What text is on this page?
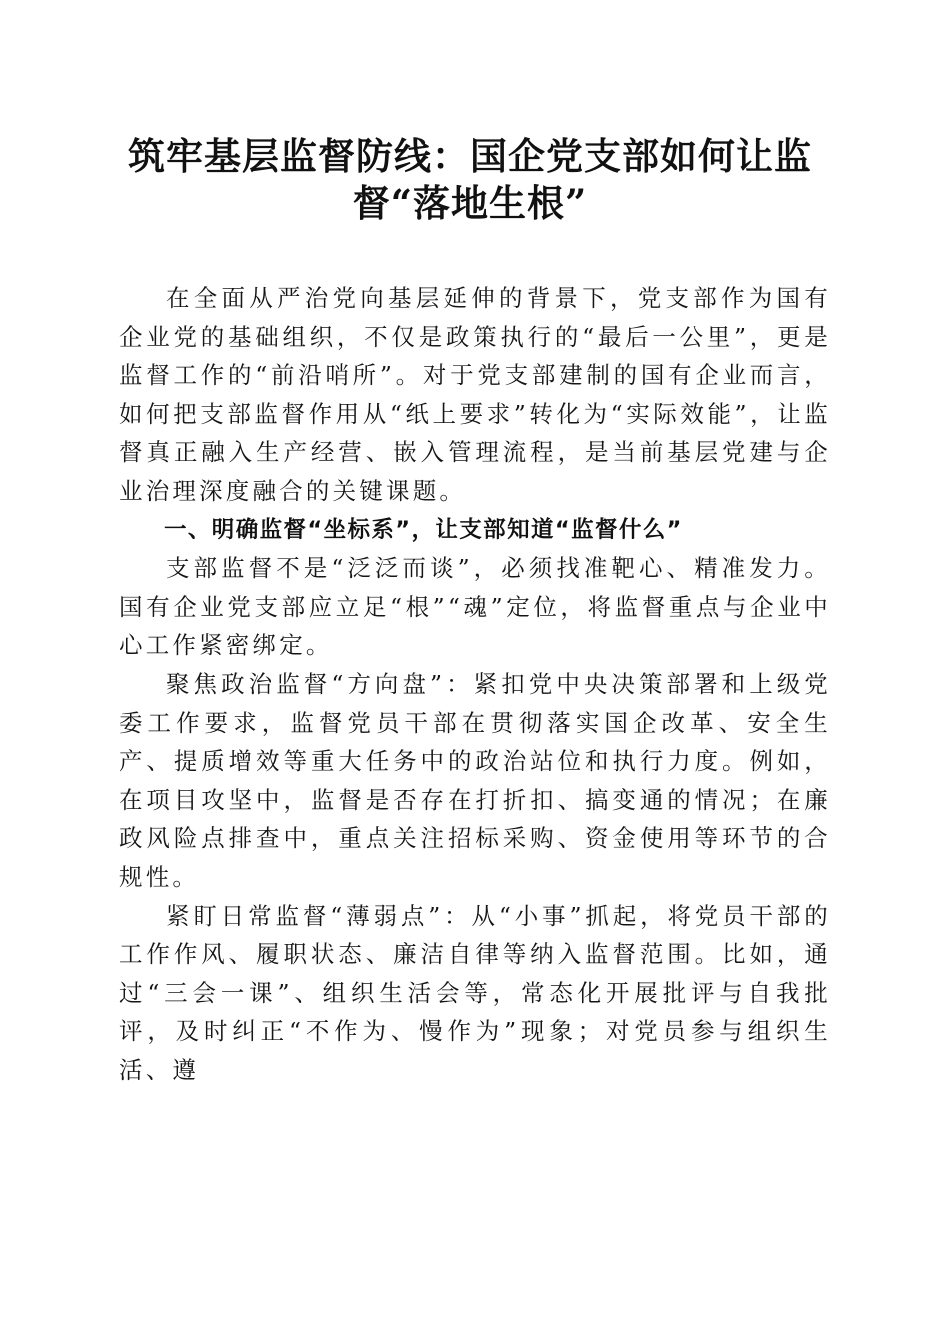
筑牢基层监督防线：国企党支部如何让监
督“落地生根”

在全面从严治党向基层延伸的背景下，党支部作为国有企业党的基础组织，不仅是政策执行的“最后一公里”，更是监督工作的“前沿哨所”。对于党支部建制的国有企业而言，如何把支部监督作用从“纸上要求”转化为“实际效能”，让监督真正融入生产经营、嵌入管理流程，是当前基层党建与企业治理深度融合的关键课题。

一、明确监督“坐标系”，让支部知道“监督什么”

支部监督不是“泛泛而谈”，必须找准靶心、精准发力。国有企业党支部应立足“根”“魂”定位，将监督重点与企业中心工作紧密绑定。

聚焦政治监督“方向盘”：紧扣党中央决策部署和上级党委工作要求，监督党员干部在贯彻落实国企改革、安全生产、提质增效等重大任务中的政治站位和执行力度。例如，在项目攻坚中，监督是否存在打折扣、搞变通的情况；在廉政风险点排查中，重点关注招标采购、资金使用等环节的合规性。

紧盯日常监督“薄弱点”：从“小事”抓起，将党员干部的工作作风、履职状态、廉洁自律等纳入监督范围。比如，通过“三会一课”、组织生活会等，常态化开展批评与自我批评，及时纠正“不作为、慢作为”现象；对党员参与组织生活、遵
